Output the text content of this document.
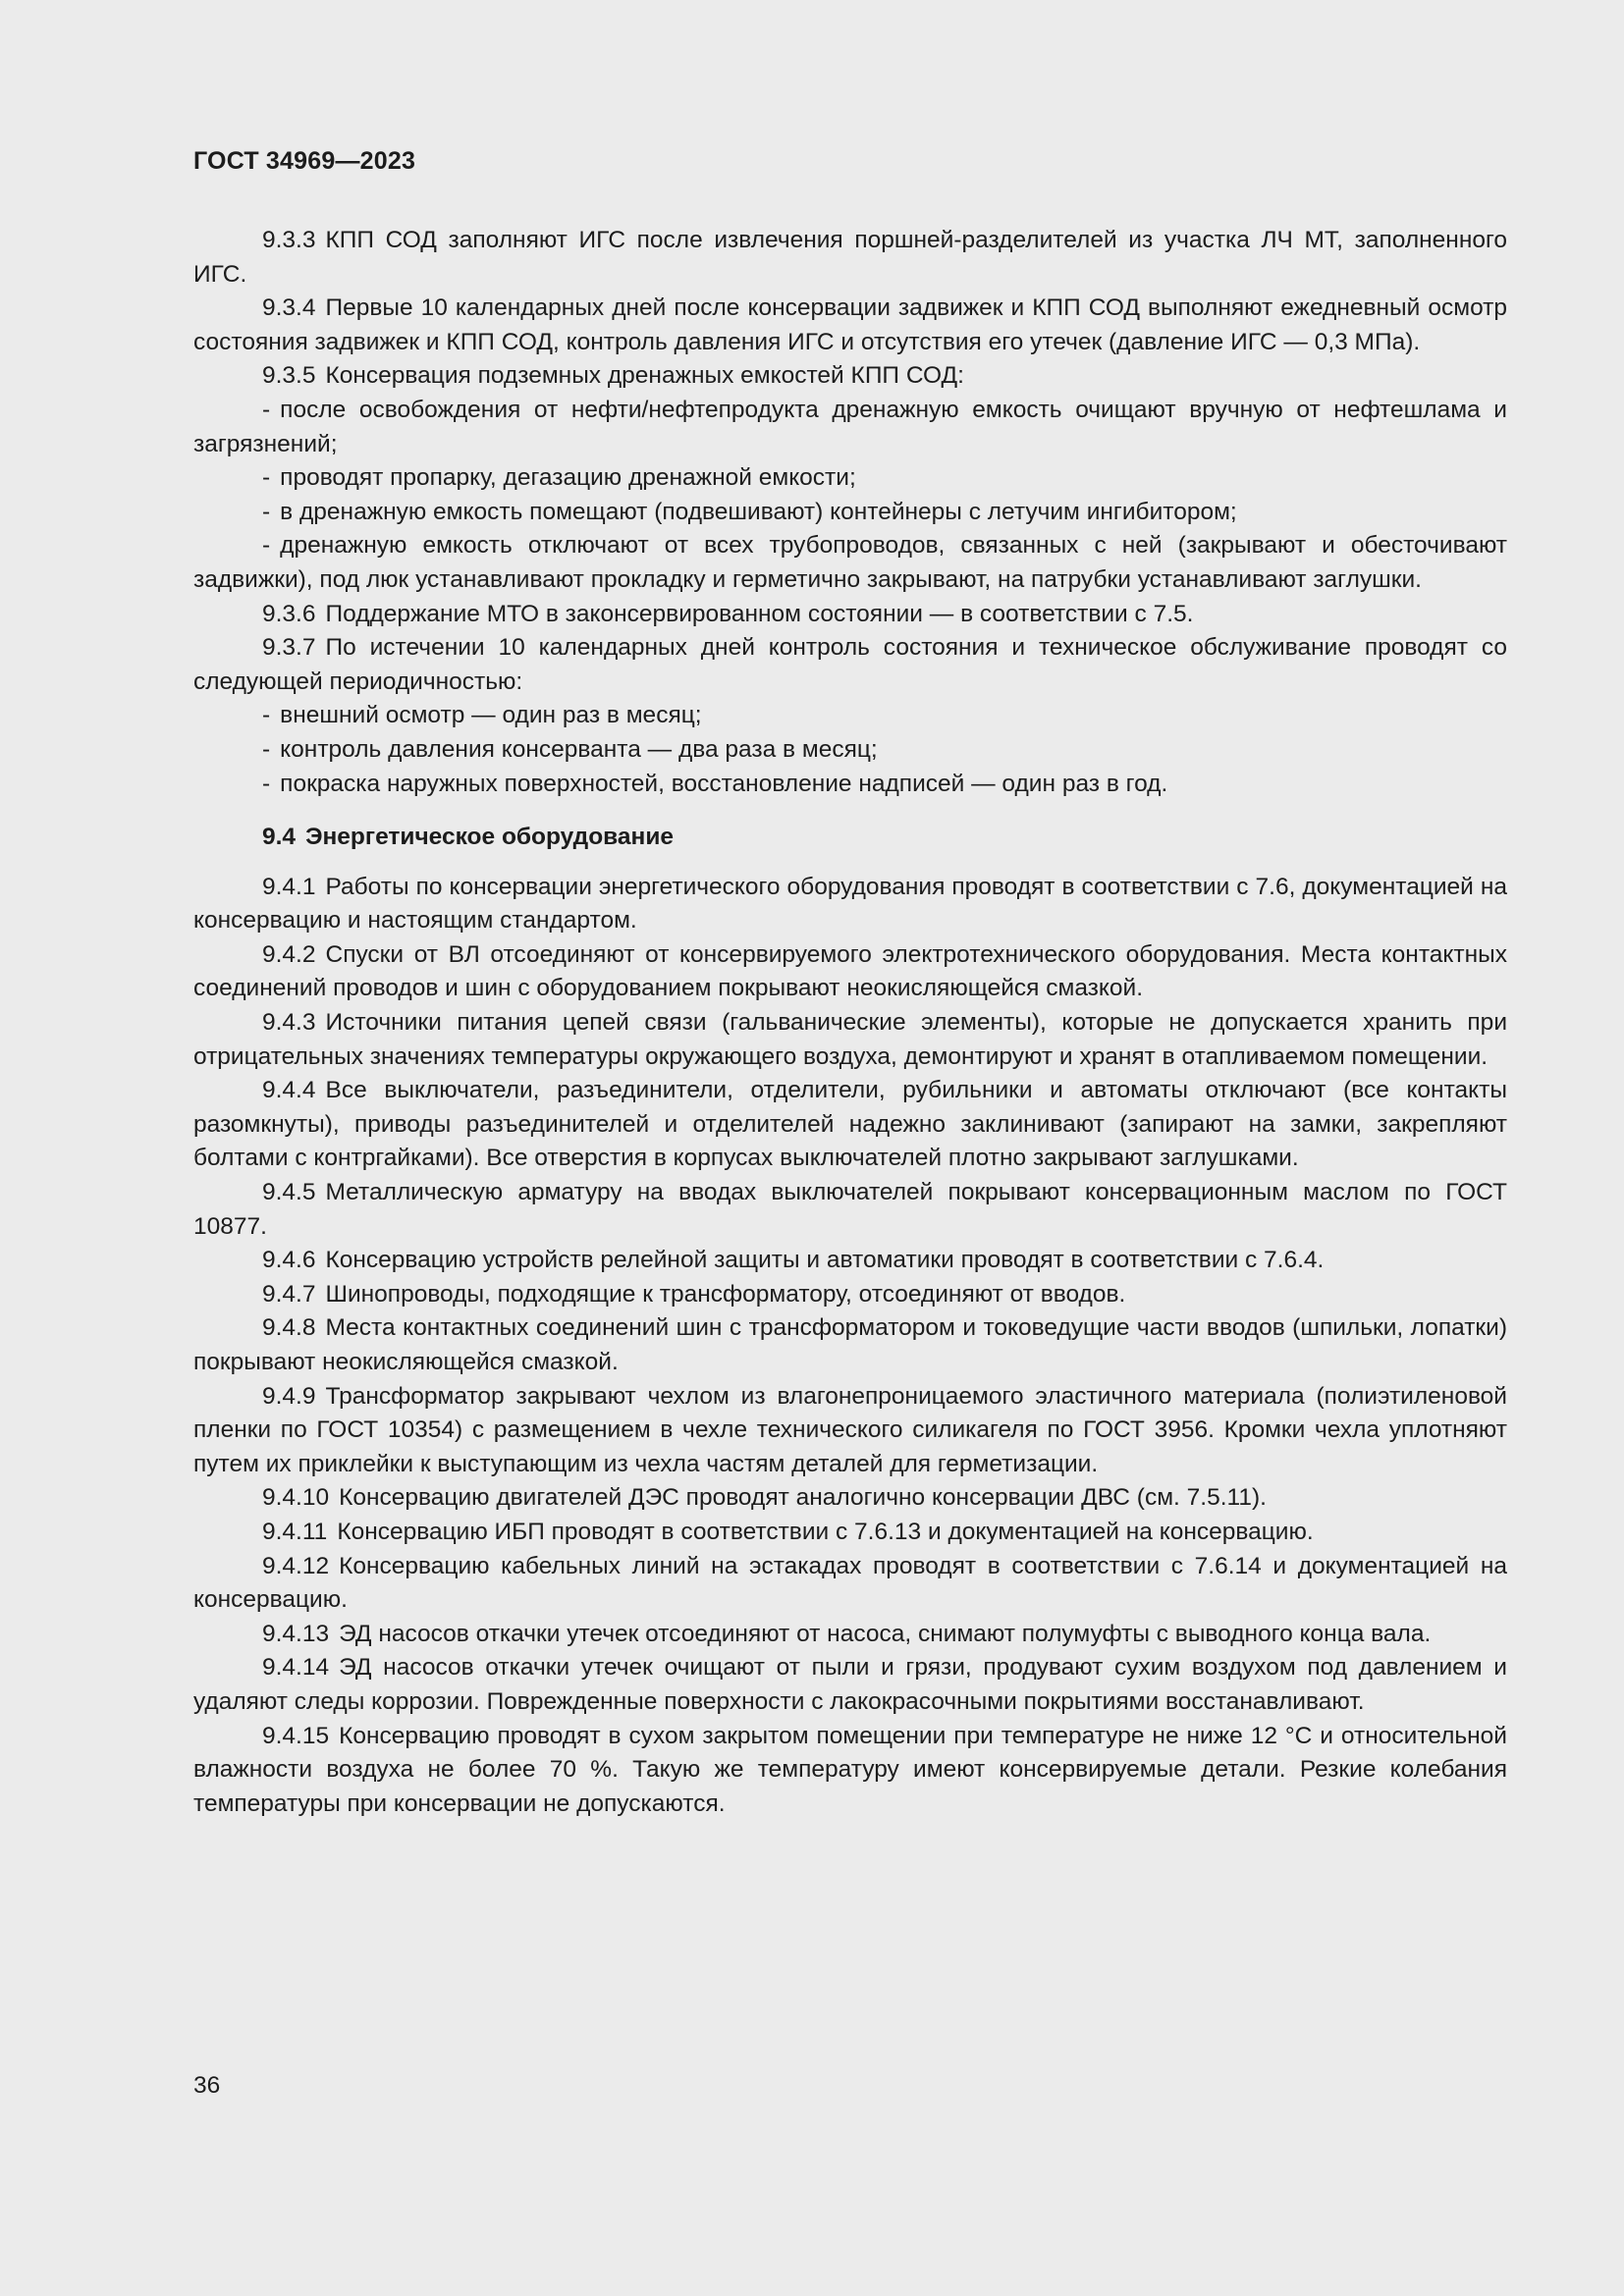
ГОСТ 34969—2023
9.3.3 КПП СОД заполняют ИГС после извлечения поршней-разделителей из участка ЛЧ МТ, заполненного ИГС.
9.3.4 Первые 10 календарных дней после консервации задвижек и КПП СОД выполняют ежедневный осмотр состояния задвижек и КПП СОД, контроль давления ИГС и отсутствия его утечек (давление ИГС — 0,3 МПа).
9.3.5 Консервация подземных дренажных емкостей КПП СОД:
- после освобождения от нефти/нефтепродукта дренажную емкость очищают вручную от нефтешлама и загрязнений;
- проводят пропарку, дегазацию дренажной емкости;
- в дренажную емкость помещают (подвешивают) контейнеры с летучим ингибитором;
- дренажную емкость отключают от всех трубопроводов, связанных с ней (закрывают и обесточивают задвижки), под люк устанавливают прокладку и герметично закрывают, на патрубки устанавливают заглушки.
9.3.6 Поддержание МТО в законсервированном состоянии — в соответствии с 7.5.
9.3.7 По истечении 10 календарных дней контроль состояния и техническое обслуживание проводят со следующей периодичностью:
- внешний осмотр — один раз в месяц;
- контроль давления консерванта — два раза в месяц;
- покраска наружных поверхностей, восстановление надписей — один раз в год.
9.4 Энергетическое оборудование
9.4.1 Работы по консервации энергетического оборудования проводят в соответствии с 7.6, документацией на консервацию и настоящим стандартом.
9.4.2 Спуски от ВЛ отсоединяют от консервируемого электротехнического оборудования. Места контактных соединений проводов и шин с оборудованием покрывают неокисляющейся смазкой.
9.4.3 Источники питания цепей связи (гальванические элементы), которые не допускается хранить при отрицательных значениях температуры окружающего воздуха, демонтируют и хранят в отапливаемом помещении.
9.4.4 Все выключатели, разъединители, отделители, рубильники и автоматы отключают (все контакты разомкнуты), приводы разъединителей и отделителей надежно заклинивают (запирают на замки, закрепляют болтами с контргайками). Все отверстия в корпусах выключателей плотно закрывают заглушками.
9.4.5 Металлическую арматуру на вводах выключателей покрывают консервационным маслом по ГОСТ 10877.
9.4.6 Консервацию устройств релейной защиты и автоматики проводят в соответствии с 7.6.4.
9.4.7 Шинопроводы, подходящие к трансформатору, отсоединяют от вводов.
9.4.8 Места контактных соединений шин с трансформатором и токоведущие части вводов (шпильки, лопатки) покрывают неокисляющейся смазкой.
9.4.9 Трансформатор закрывают чехлом из влагонепроницаемого эластичного материала (полиэтиленовой пленки по ГОСТ 10354) с размещением в чехле технического силикагеля по ГОСТ 3956. Кромки чехла уплотняют путем их приклейки к выступающим из чехла частям деталей для герметизации.
9.4.10 Консервацию двигателей ДЭС проводят аналогично консервации ДВС (см. 7.5.11).
9.4.11 Консервацию ИБП проводят в соответствии с 7.6.13 и документацией на консервацию.
9.4.12 Консервацию кабельных линий на эстакадах проводят в соответствии с 7.6.14 и документацией на консервацию.
9.4.13 ЭД насосов откачки утечек отсоединяют от насоса, снимают полумуфты с выводного конца вала.
9.4.14 ЭД насосов откачки утечек очищают от пыли и грязи, продувают сухим воздухом под давлением и удаляют следы коррозии. Поврежденные поверхности с лакокрасочными покрытиями восстанавливают.
9.4.15 Консервацию проводят в сухом закрытом помещении при температуре не ниже 12 °С и относительной влажности воздуха не более 70 %. Такую же температуру имеют консервируемые детали. Резкие колебания температуры при консервации не допускаются.
36
